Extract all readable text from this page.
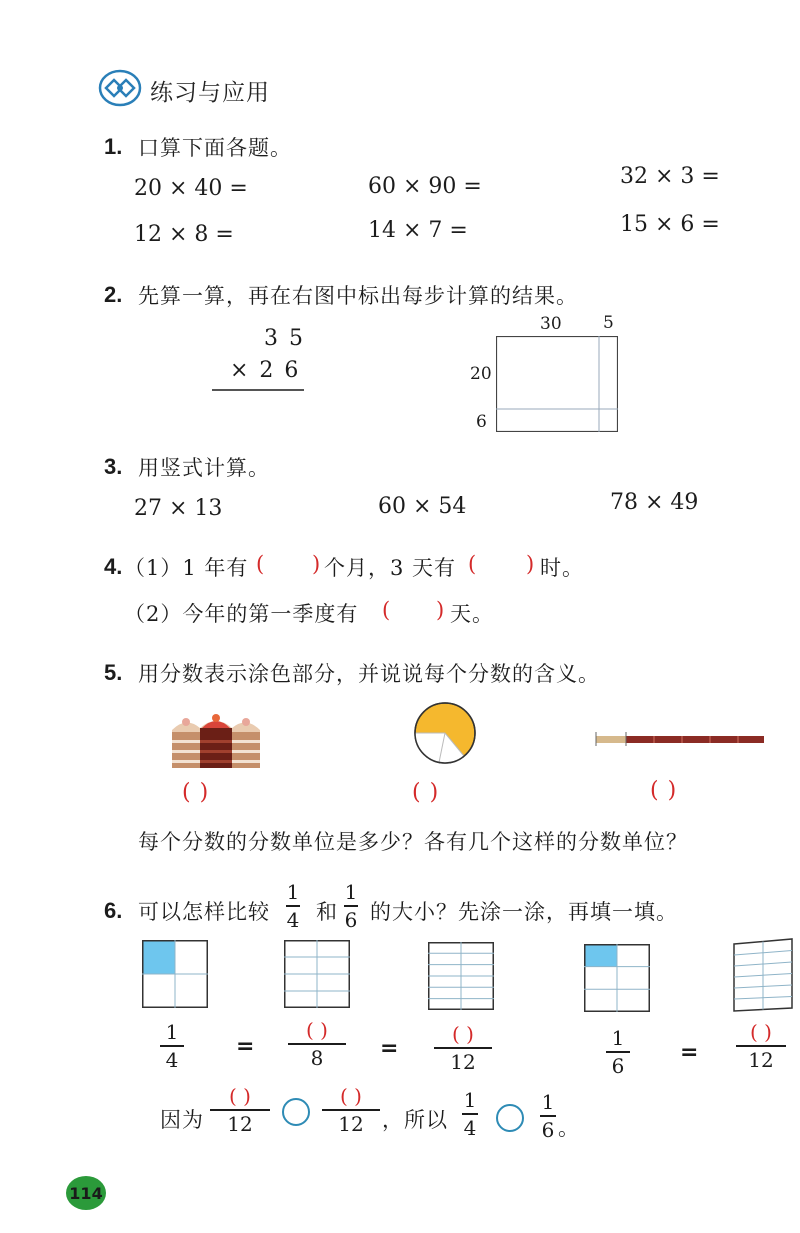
练习与应用
1. 口算下面各题。
20 × 40 =	60 × 90 =	32 × 3 =
12 × 8 =	14 × 7 =	15 × 6 =
2. 先算一算，再在右图中标出每步计算的结果。
3 5
× 2 6
30 5
20
6
3. 用竖式计算。
27 × 13	60 × 54	78 × 49
4. （1）1 年有 ( ) 个月，3 天有 ( ) 时。
（2）今年的第一季度有 ( ) 天。
5. 用分数表示涂色部分，并说说每个分数的含义。
( )	( )	( )
每个分数的分数单位是多少？各有几个这样的分数单位？
6. 可以怎样比较
1
4 和
1
6 的大小？先涂一涂，再填一填。
1
4
=
( )
8	=
( )
12
1
6
=
( )
12
因为
( )
12
( )
12 ，所以
1
4
1
6 。
114
